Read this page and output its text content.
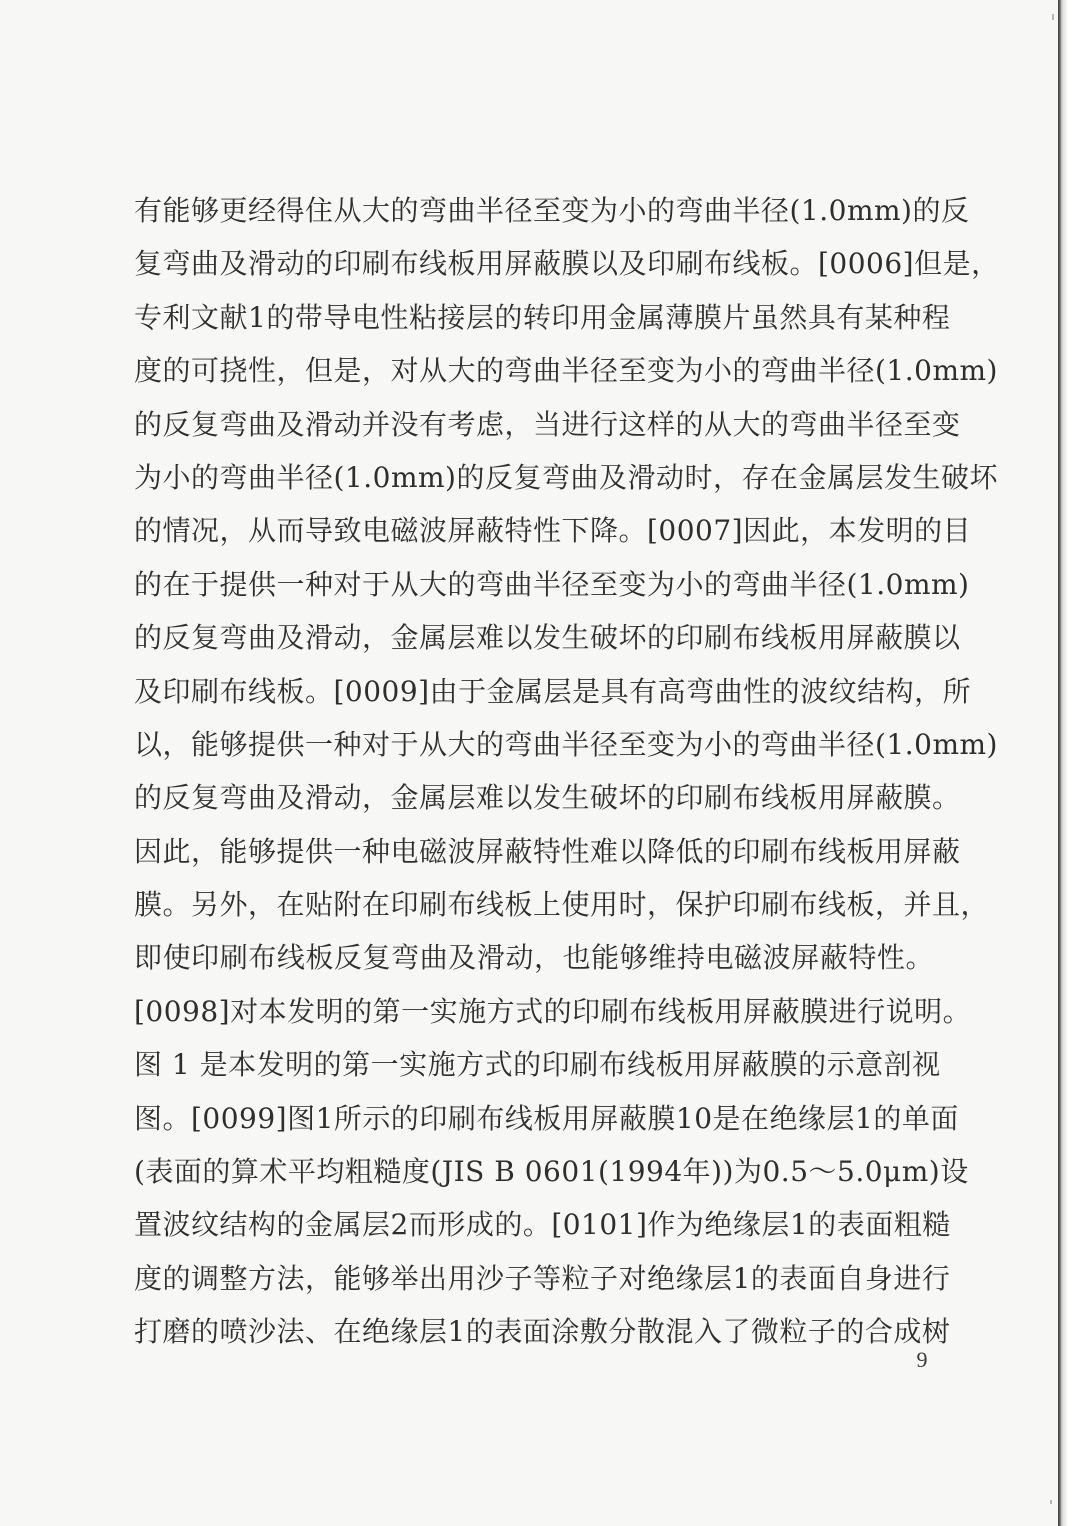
有能够更经得住从大的弯曲半径至变为小的弯曲半径(1.0mm)的反
复弯曲及滑动的印刷布线板用屏蔽膜以及印刷布线板。[0006]但是，
专利文献1的带导电性粘接层的转印用金属薄膜片虽然具有某种程
度的可挠性，但是，对从大的弯曲半径至变为小的弯曲半径(1.0mm)
的反复弯曲及滑动并没有考虑，当进行这样的从大的弯曲半径至变
为小的弯曲半径(1.0mm)的反复弯曲及滑动时，存在金属层发生破坏
的情况，从而导致电磁波屏蔽特性下降。[0007]因此，本发明的目
的在于提供一种对于从大的弯曲半径至变为小的弯曲半径(1.0mm)
的反复弯曲及滑动，金属层难以发生破坏的印刷布线板用屏蔽膜以
及印刷布线板。[0009]由于金属层是具有高弯曲性的波纹结构，所
以，能够提供一种对于从大的弯曲半径至变为小的弯曲半径(1.0mm)
的反复弯曲及滑动，金属层难以发生破坏的印刷布线板用屏蔽膜。
因此，能够提供一种电磁波屏蔽特性难以降低的印刷布线板用屏蔽
膜。另外，在贴附在印刷布线板上使用时，保护印刷布线板，并且，
即使印刷布线板反复弯曲及滑动，也能够维持电磁波屏蔽特性。
[0098]对本发明的第一实施方式的印刷布线板用屏蔽膜进行说明。
图 1 是本发明的第一实施方式的印刷布线板用屏蔽膜的示意剖视
图。[0099]图1所示的印刷布线板用屏蔽膜10是在绝缘层1的单面
(表面的算术平均粗糙度(JIS B 0601(1994年))为0.5～5.0μm)设
置波纹结构的金属层2而形成的。[0101]作为绝缘层1的表面粗糙
度的调整方法，能够举出用沙子等粒子对绝缘层1的表面自身进行
打磨的喷沙法、在绝缘层1的表面涂敷分散混入了微粒子的合成树
9
